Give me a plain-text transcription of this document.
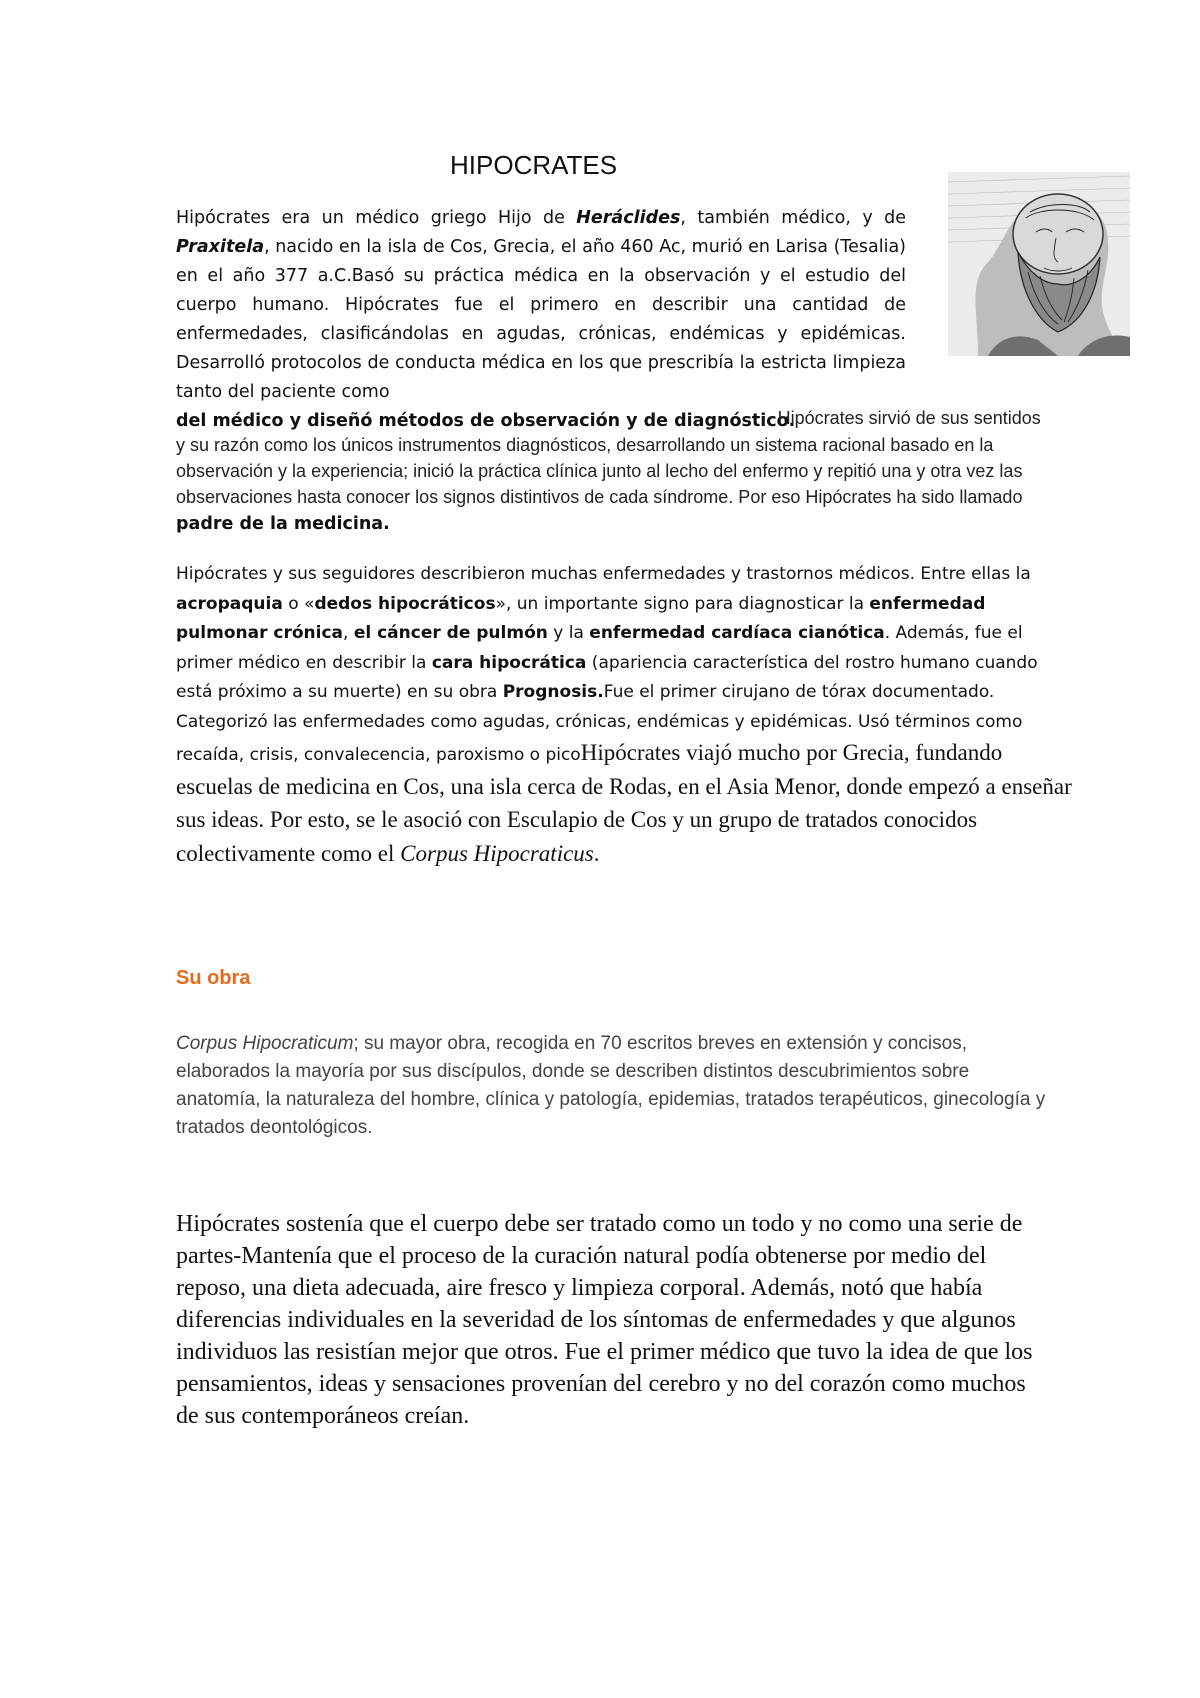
HIPOCRATES
Hipócrates era un médico griego Hijo de Heráclides, también médico, y de Praxitela, nacido en la isla de Cos, Grecia, el año 460 Ac, murió en Larisa (Tesalia) en el año 377 a.C.Basó su práctica médica en la observación y el estudio del cuerpo humano. Hipócrates fue el primero en describir una cantidad de enfermedades, clasificándolas en agudas, crónicas, endémicas y epidémicas. Desarrolló protocolos de conducta médica en los que prescribía la estricta limpieza tanto del paciente como
del médico y diseñó métodos de observación y de diagnóstico.
Hipócrates sirvió de sus sentidos y su razón como los únicos instrumentos diagnósticos, desarrollando un sistema racional basado en la observación y la experiencia; inició la práctica clínica junto al lecho del enfermo y repitió una y otra vez las observaciones hasta conocer los signos distintivos de cada síndrome. Por eso Hipócrates ha sido llamado padre de la medicina.
Hipócrates y sus seguidores describieron muchas enfermedades y trastornos médicos. Entre ellas la acropaquia o «dedos hipocráticos», un importante signo para diagnosticar la enfermedad pulmonar crónica, el cáncer de pulmón y la enfermedad cardíaca cianótica. Además, fue el primer médico en describir la cara hipocrática (apariencia característica del rostro humano cuando está próximo a su muerte) en su obra Prognosis.Fue el primer cirujano de tórax documentado. Categorizó las enfermedades como agudas, crónicas, endémicas y epidémicas. Usó términos como recaída, crisis, convalecencia, paroxismo o picoHipócrates viajó mucho por Grecia, fundando escuelas de medicina en Cos, una isla cerca de Rodas, en el Asia Menor, donde empezó a enseñar sus ideas. Por esto, se le asoció con Esculapio de Cos y un grupo de tratados conocidos colectivamente como el Corpus Hipocraticus.
Su obra
Corpus Hipocraticum; su mayor obra, recogida en 70 escritos breves en extensión y concisos, elaborados la mayoría por sus discípulos, donde se describen distintos descubrimientos sobre anatomía, la naturaleza del hombre, clínica y patología, epidemias, tratados terapéuticos, ginecología y tratados deontológicos.
Hipócrates sostenía que el cuerpo debe ser tratado como un todo y no como una serie de partes-Mantenía que el proceso de la curación natural podía obtenerse por medio del reposo, una dieta adecuada, aire fresco y limpieza corporal. Además, notó que había diferencias individuales en la severidad de los síntomas de enfermedades y que algunos individuos las resistían mejor que otros. Fue el primer médico que tuvo la idea de que los pensamientos, ideas y sensaciones provenían del cerebro y no del corazón como muchos de sus contemporáneos creían.
